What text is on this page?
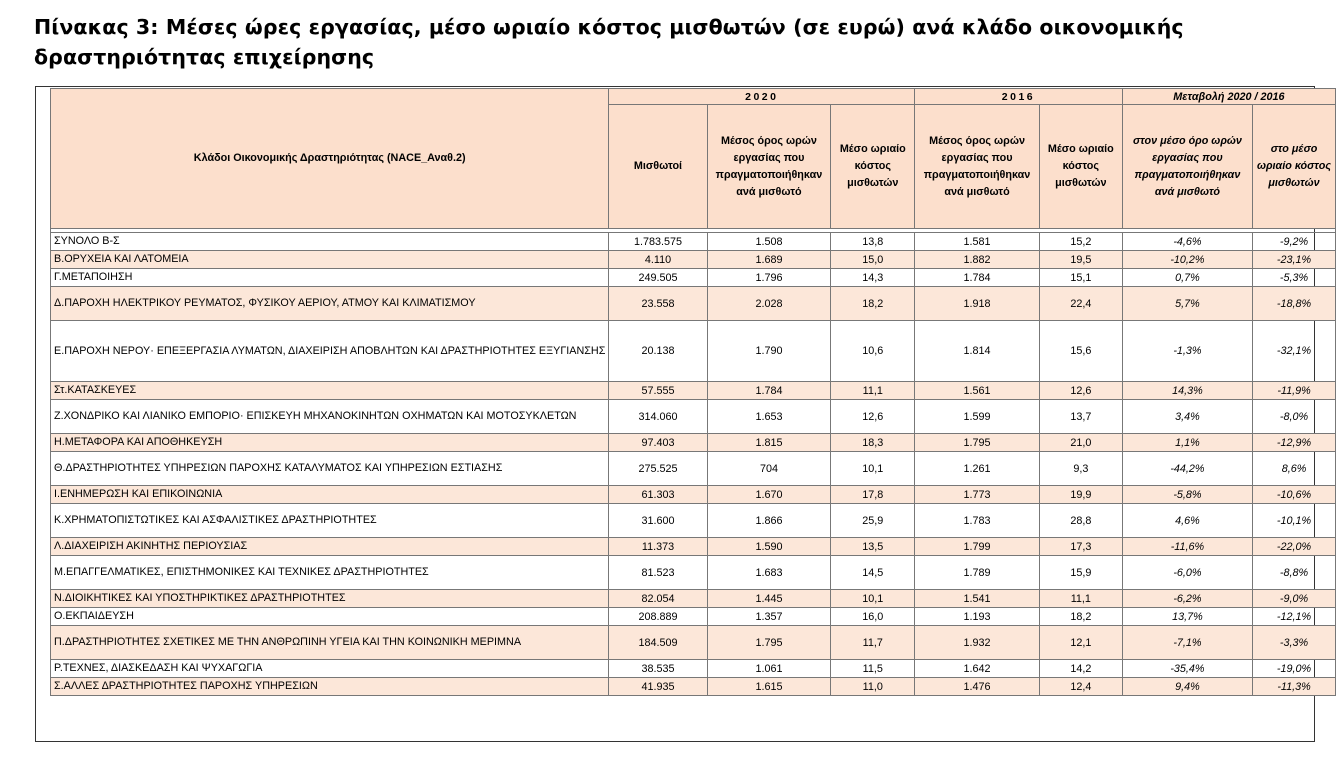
Πίνακας 3: Μέσες ώρες εργασίας, μέσο ωριαίο κόστος μισθωτών (σε ευρώ) ανά κλάδο οικονομικής δραστηριότητας επιχείρησης
Κλάδοι Οικονομικής Δραστηριότητας (NACE_Αναθ.2)	2020			2016		Μεταβολή 2020 / 2016	
	Μισθωτοί	Μέσος όρος ωρών εργασίας που πραγματοποιήθηκαν ανά μισθωτό	Μέσο ωριαίο κόστος μισθωτών	Μέσος όρος ωρών εργασίας που πραγματοποιήθηκαν ανά μισθωτό	Μέσο ωριαίο κόστος μισθωτών	στον μέσο όρο ωρών εργασίας που πραγματοποιήθηκαν ανά μισθωτό	στο μέσο ωριαίο κόστος μισθωτών

ΣΥΝΟΛΟ Β-Σ	1.783.575	1.508	13,8	1.581	15,2	-4,6%	-9,2%
Β.ΟΡΥΧΕΙΑ ΚΑΙ ΛΑΤΟΜΕΙΑ	4.110	1.689	15,0	1.882	19,5	-10,2%	-23,1%
Γ.ΜΕΤΑΠΟΙΗΣΗ	249.505	1.796	14,3	1.784	15,1	0,7%	-5,3%
Δ.ΠΑΡΟΧΗ ΗΛΕΚΤΡΙΚΟΥ ΡΕΥΜΑΤΟΣ, ΦΥΣΙΚΟΥ ΑΕΡΙΟΥ, ΑΤΜΟΥ ΚΑΙ ΚΛΙΜΑΤΙΣΜΟΥ	23.558	2.028	18,2	1.918	22,4	5,7%	-18,8%
Ε.ΠΑΡΟΧΗ ΝΕΡΟΥ· ΕΠΕΞΕΡΓΑΣΙΑ ΛΥΜΑΤΩΝ, ΔΙΑΧΕΙΡΙΣΗ ΑΠΟΒΛΗΤΩΝ ΚΑΙ ΔΡΑΣΤΗΡΙΟΤΗΤΕΣ ΕΞΥΓΙΑΝΣΗΣ	20.138	1.790	10,6	1.814	15,6	-1,3%	-32,1%
Στ.ΚΑΤΑΣΚΕΥΕΣ	57.555	1.784	11,1	1.561	12,6	14,3%	-11,9%
Ζ.ΧΟΝΔΡΙΚΟ ΚΑΙ ΛΙΑΝΙΚΟ ΕΜΠΟΡΙΟ· ΕΠΙΣΚΕΥΗ ΜΗΧΑΝΟΚΙΝΗΤΩΝ ΟΧΗΜΑΤΩΝ ΚΑΙ ΜΟΤΟΣΥΚΛΕΤΩΝ	314.060	1.653	12,6	1.599	13,7	3,4%	-8,0%
Η.ΜΕΤΑΦΟΡΑ ΚΑΙ ΑΠΟΘΗΚΕΥΣΗ	97.403	1.815	18,3	1.795	21,0	1,1%	-12,9%
Θ.ΔΡΑΣΤΗΡΙΟΤΗΤΕΣ ΥΠΗΡΕΣΙΩΝ ΠΑΡΟΧΗΣ ΚΑΤΑΛΥΜΑΤΟΣ ΚΑΙ ΥΠΗΡΕΣΙΩΝ ΕΣΤΙΑΣΗΣ	275.525	704	10,1	1.261	9,3	-44,2%	8,6%
Ι.ΕΝΗΜΕΡΩΣΗ ΚΑΙ ΕΠΙΚΟΙΝΩΝΙΑ	61.303	1.670	17,8	1.773	19,9	-5,8%	-10,6%
Κ.ΧΡΗΜΑΤΟΠΙΣΤΩΤΙΚΕΣ ΚΑΙ ΑΣΦΑΛΙΣΤΙΚΕΣ ΔΡΑΣΤΗΡΙΟΤΗΤΕΣ	31.600	1.866	25,9	1.783	28,8	4,6%	-10,1%
Λ.ΔΙΑΧΕΙΡΙΣΗ ΑΚΙΝΗΤΗΣ ΠΕΡΙΟΥΣΙΑΣ	11.373	1.590	13,5	1.799	17,3	-11,6%	-22,0%
Μ.ΕΠΑΓΓΕΛΜΑΤΙΚΕΣ, ΕΠΙΣΤΗΜΟΝΙΚΕΣ ΚΑΙ ΤΕΧΝΙΚΕΣ ΔΡΑΣΤΗΡΙΟΤΗΤΕΣ	81.523	1.683	14,5	1.789	15,9	-6,0%	-8,8%
Ν.ΔΙΟΙΚΗΤΙΚΕΣ ΚΑΙ ΥΠΟΣΤΗΡΙΚΤΙΚΕΣ ΔΡΑΣΤΗΡΙΟΤΗΤΕΣ	82.054	1.445	10,1	1.541	11,1	-6,2%	-9,0%
Ο.ΕΚΠΑΙΔΕΥΣΗ	208.889	1.357	16,0	1.193	18,2	13,7%	-12,1%
Π.ΔΡΑΣΤΗΡΙΟΤΗΤΕΣ ΣΧΕΤΙΚΕΣ ΜΕ ΤΗΝ ΑΝΘΡΩΠΙΝΗ ΥΓΕΙΑ ΚΑΙ ΤΗΝ ΚΟΙΝΩΝΙΚΗ ΜΕΡΙΜΝΑ	184.509	1.795	11,7	1.932	12,1	-7,1%	-3,3%
Ρ.ΤΕΧΝΕΣ, ΔΙΑΣΚΕΔΑΣΗ ΚΑΙ ΨΥΧΑΓΩΓΙΑ	38.535	1.061	11,5	1.642	14,2	-35,4%	-19,0%
Σ.ΑΛΛΕΣ ΔΡΑΣΤΗΡΙΟΤΗΤΕΣ ΠΑΡΟΧΗΣ ΥΠΗΡΕΣΙΩΝ	41.935	1.615	11,0	1.476	12,4	9,4%	-11,3%
